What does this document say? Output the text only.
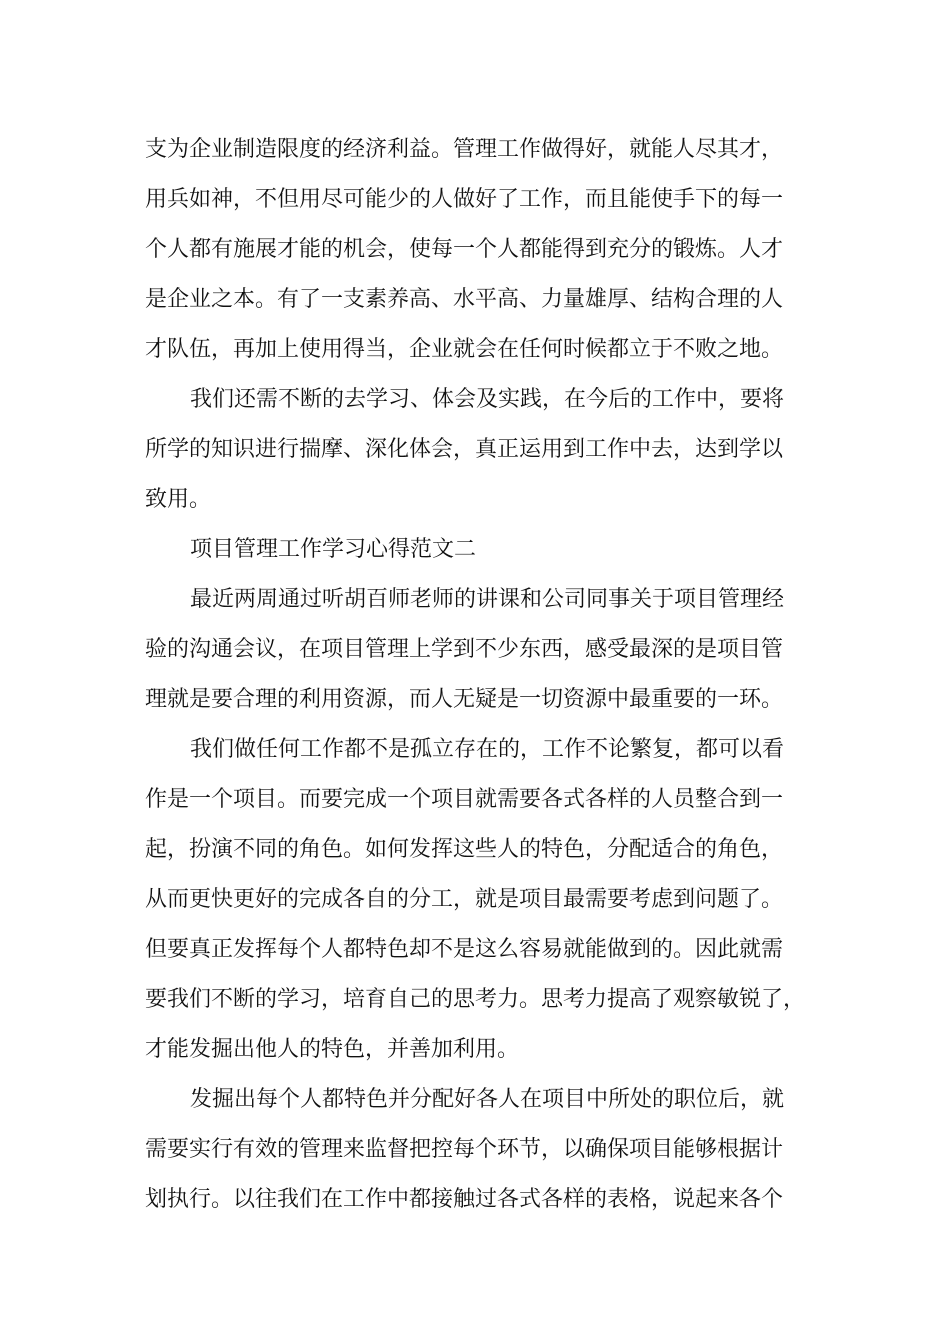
支为企业制造限度的经济利益。管理工作做得好，就能人尽其才，
用兵如神，不但用尽可能少的人做好了工作，而且能使手下的每一
个人都有施展才能的机会，使每一个人都能得到充分的锻炼。人才
是企业之本。有了一支素养高、水平高、力量雄厚、结构合理的人
才队伍，再加上使用得当，企业就会在任何时候都立于不败之地。
我们还需不断的去学习、体会及实践，在今后的工作中，要将
所学的知识进行揣摩、深化体会，真正运用到工作中去，达到学以
致用。
项目管理工作学习心得范文二
最近两周通过听胡百师老师的讲课和公司同事关于项目管理经
验的沟通会议，在项目管理上学到不少东西，感受最深的是项目管
理就是要合理的利用资源，而人无疑是一切资源中最重要的一环。
我们做任何工作都不是孤立存在的，工作不论繁复，都可以看
作是一个项目。而要完成一个项目就需要各式各样的人员整合到一
起，扮演不同的角色。如何发挥这些人的特色，分配适合的角色，
从而更快更好的完成各自的分工，就是项目最需要考虑到问题了。
但要真正发挥每个人都特色却不是这么容易就能做到的。因此就需
要我们不断的学习，培育自己的思考力。思考力提高了观察敏锐了，
才能发掘出他人的特色，并善加利用。
发掘出每个人都特色并分配好各人在项目中所处的职位后，就
需要实行有效的管理来监督把控每个环节，以确保项目能够根据计
划执行。以往我们在工作中都接触过各式各样的表格，说起来各个
